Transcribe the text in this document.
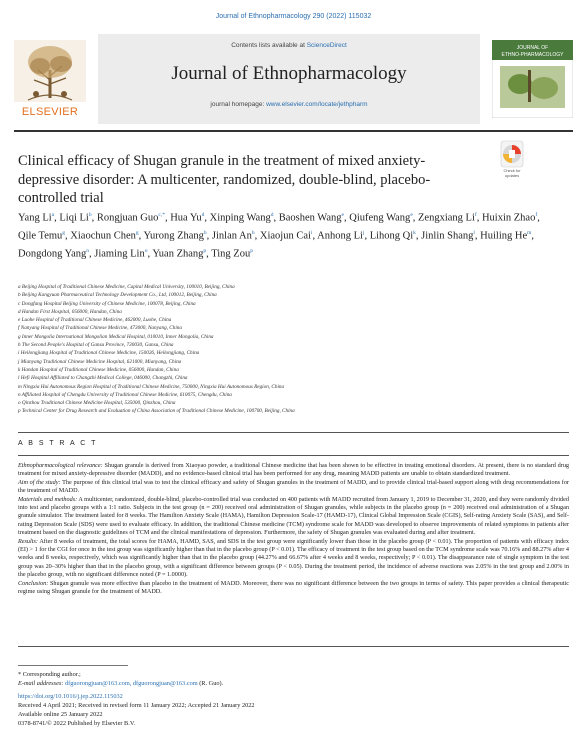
Journal of Ethnopharmacology 290 (2022) 115032
ELSEVIER
Contents lists available at ScienceDirect
Journal of Ethnopharmacology
journal homepage: www.elsevier.com/locate/jethpharm
JOURNAL OF
ETHNO-PHARMACOLOGY
Clinical efficacy of Shugan granule in the treatment of mixed anxiety-depressive disorder: A multicenter, randomized, double-blind, placebo-controlled trial
Check for
updates
Yang Li$^a$, Liqi Li$^b$, Rongjuan Guo$^{c,*}$, Hua Yu$^d$, Xinping Wang$^d$, Baoshen Wang$^e$, Qiufeng Wang$^e$, Zengxiang Li$^f$, Huixin Zhao$^f$, Qile Temu$^g$, Xiaochun Chen$^g$, Yurong Zhang$^h$, Jinlan An$^h$, Xiaojun Cai$^i$, Anhong Li$^j$, Lihong Qi$^k$, Jinlin Shang$^l$, Huiling He$^m$, Dongdong Yang$^n$, Jiaming Lin$^o$, Yuan Zhang$^p$, Ting Zou$^p$
a Beijing Hospital of Traditional Chinese Medicine, Capital Medical University, 100010, Beijing, China
b Beijing Kangyuan Pharmaceutical Technology Development Co., Ltd, 100012, Beijing, China
c Dongfang Hospital Beijing University of Chinese Medicine, 100078, Beijing, China
d Handan First Hospital, 056000, Handan, China
e Luohe Hospital of Traditional Chinese Medicine, 462000, Luohe, China
f Nanyang Hospital of Traditional Chinese Medicine, 473000, Nanyang, China
g Inner Mongolia International Mongolian Medical Hospital, 010010, Inner Mongolia, China
h The Second People's Hospital of Gansu Province, 730030, Gansu, China
i Heilongjiang Hospital of Traditional Chinese Medicine, 150026, Heilongjiang, China
j Mianyang Traditional Chinese Medicine Hospital, 621000, Mianyang, China
k Handan Hospital of Traditional Chinese Medicine, 056000, Handan, China
l Hefi Hospital Affiliated to Changzhi Medical College, 046000, Changzhi, China
m Ningxia Hui Autonomous Region Hospital of Traditional Chinese Medicine, 750000, Ningxia Hui Autonomous Region, China
n Affiliated Hospital of Chengdu University of Traditional Chinese Medicine, 610075, Chengdu, China
o Qinzhou Traditional Chinese Medicine Hospital, 535000, Qinzhou, China
p Technical Center for Drug Research and Evaluation of China Association of Traditional Chinese Medicine, 100700, Beijing, China
A B S T R A C T

Ethnopharmacological relevance: Shugan granule is derived from Xiaoyao powder, a traditional Chinese medicine that has been shown to be effective in treating emotional disorders. At present, there is no standard drug treatment for mixed anxiety-depressive disorder (MADD), and no evidence-based clinical trial has been performed for any drug, meaning MADD patients are unable to obtain standardized treatment.

Aim of the study: The purpose of this clinical trial was to test the clinical efficacy and safety of Shugan granules in the treatment of MADD, and to provide clinical trial-based support along with drug recommendations for the treatment of MADD.

Materials and methods: A multicenter, randomized, double-blind, placebo-controlled trial was conducted on 400 patients with MADD recruited from January 1, 2019 to December 31, 2020, and they were randomly divided into test and placebo groups with a 1:1 ratio. Subjects in the test group (n = 200) received oral administration of Shugan granules, while subjects in the placebo group (n = 200) received oral administration of a Shugan granule simulator. The treatment lasted for 8 weeks. The Hamilton Anxiety Scale (HAMA), Hamilton Depression Scale-17 (HAMD-17), Clinical Global Impression Scale (CGIS), Self-rating Anxiety Scale (SAS), and Self-rating Depression Scale (SDS) were used to evaluate efficacy. In addition, the traditional Chinese medicine (TCM) syndrome scale for MADD was developed to observe improvements of related symptoms in patients after treatment based on the diagnostic guidelines of TCM and the clinical manifestations of depression. Furthermore, the safety of Shugan granules was evaluated during and after treatment.

Results: After 8 weeks of treatment, the total scores for HAMA, HAMD, SAS, and SDS in the test group were significantly lower than those in the placebo group (P < 0.01). The proportion of patients with efficacy index (EI) > 1 for the CGI for once in the test group was significantly higher than that in the placebo group (P < 0.01). The efficacy of treatment in the test group based on the TCM syndrome scale was 70.16% and 88.27% after 4 weeks and 8 weeks, respectively, which was significantly higher than that in the placebo group (44.27% and 66.67% after 4 weeks and 8 weeks, respectively; P < 0.01). The disappearance rate of single symptom in the test group was 20–30% higher than that in the placebo group, with a significant difference between groups (P < 0.05). During the treatment period, the incidence of adverse reactions was 2.05% in the test group and 2.00% in the placebo group, with no significant difference noted (P = 1.0000).

Conclusion: Shugan granule was more effective than placebo in the treatment of MADD. Moreover, there was no significant difference between the two groups in terms of safety. This paper provides a clinical therapeutic regime using Shugan granule for the treatment of MADD.

* Corresponding author.;
E-mail addresses: dfguorongjuan@163.com, dfguorongjuan@163.com (R. Guo).
https://doi.org/10.1016/j.jep.2022.115032
Received 4 April 2021; Received in revised form 11 January 2022; Accepted 21 January 2022
Available online 25 January 2022
0378-8741/© 2022 Published by Elsevier B.V.
